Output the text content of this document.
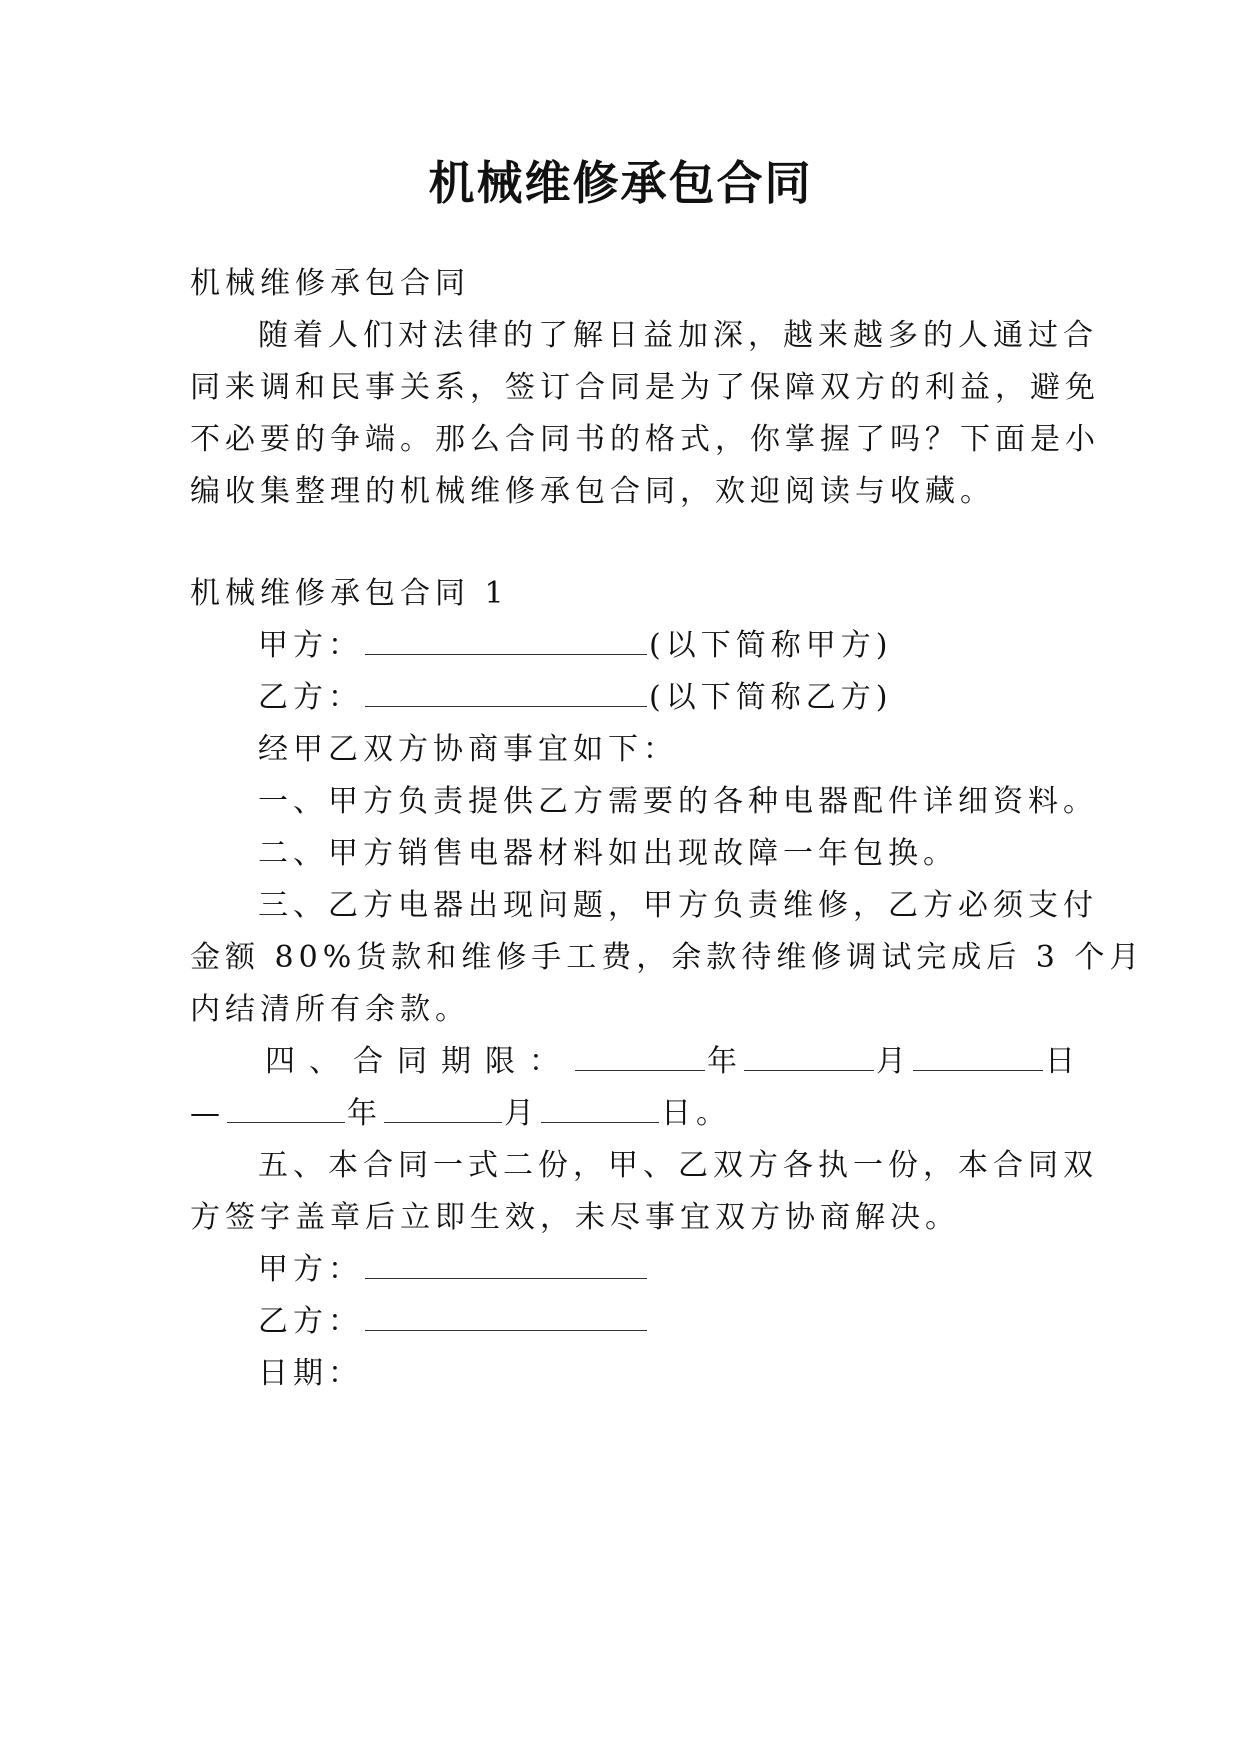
机械维修承包合同
机械维修承包合同
随着人们对法律的了解日益加深，越来越多的人通过合
同来调和民事关系，签订合同是为了保障双方的利益，避免
不必要的争端。那么合同书的格式，你掌握了吗？下面是小
编收集整理的机械维修承包合同，欢迎阅读与收藏。
机械维修承包合同 1
甲方：	(以下简称甲方)
乙方：	(以下简称乙方)
经甲乙双方协商事宜如下：
一、甲方负责提供乙方需要的各种电器配件详细资料。
二、甲方销售电器材料如出现故障一年包换。
三、乙方电器出现问题，甲方负责维修，乙方必须支付
金额 80%货款和维修手工费，余款待维修调试完成后 3 个月
内结清所有余款。
四、合同期限：	年	月	日
—	年	月	日。
五、本合同一式二份，甲、乙双方各执一份，本合同双
方签字盖章后立即生效，未尽事宜双方协商解决。
甲方：
乙方：
日期：
